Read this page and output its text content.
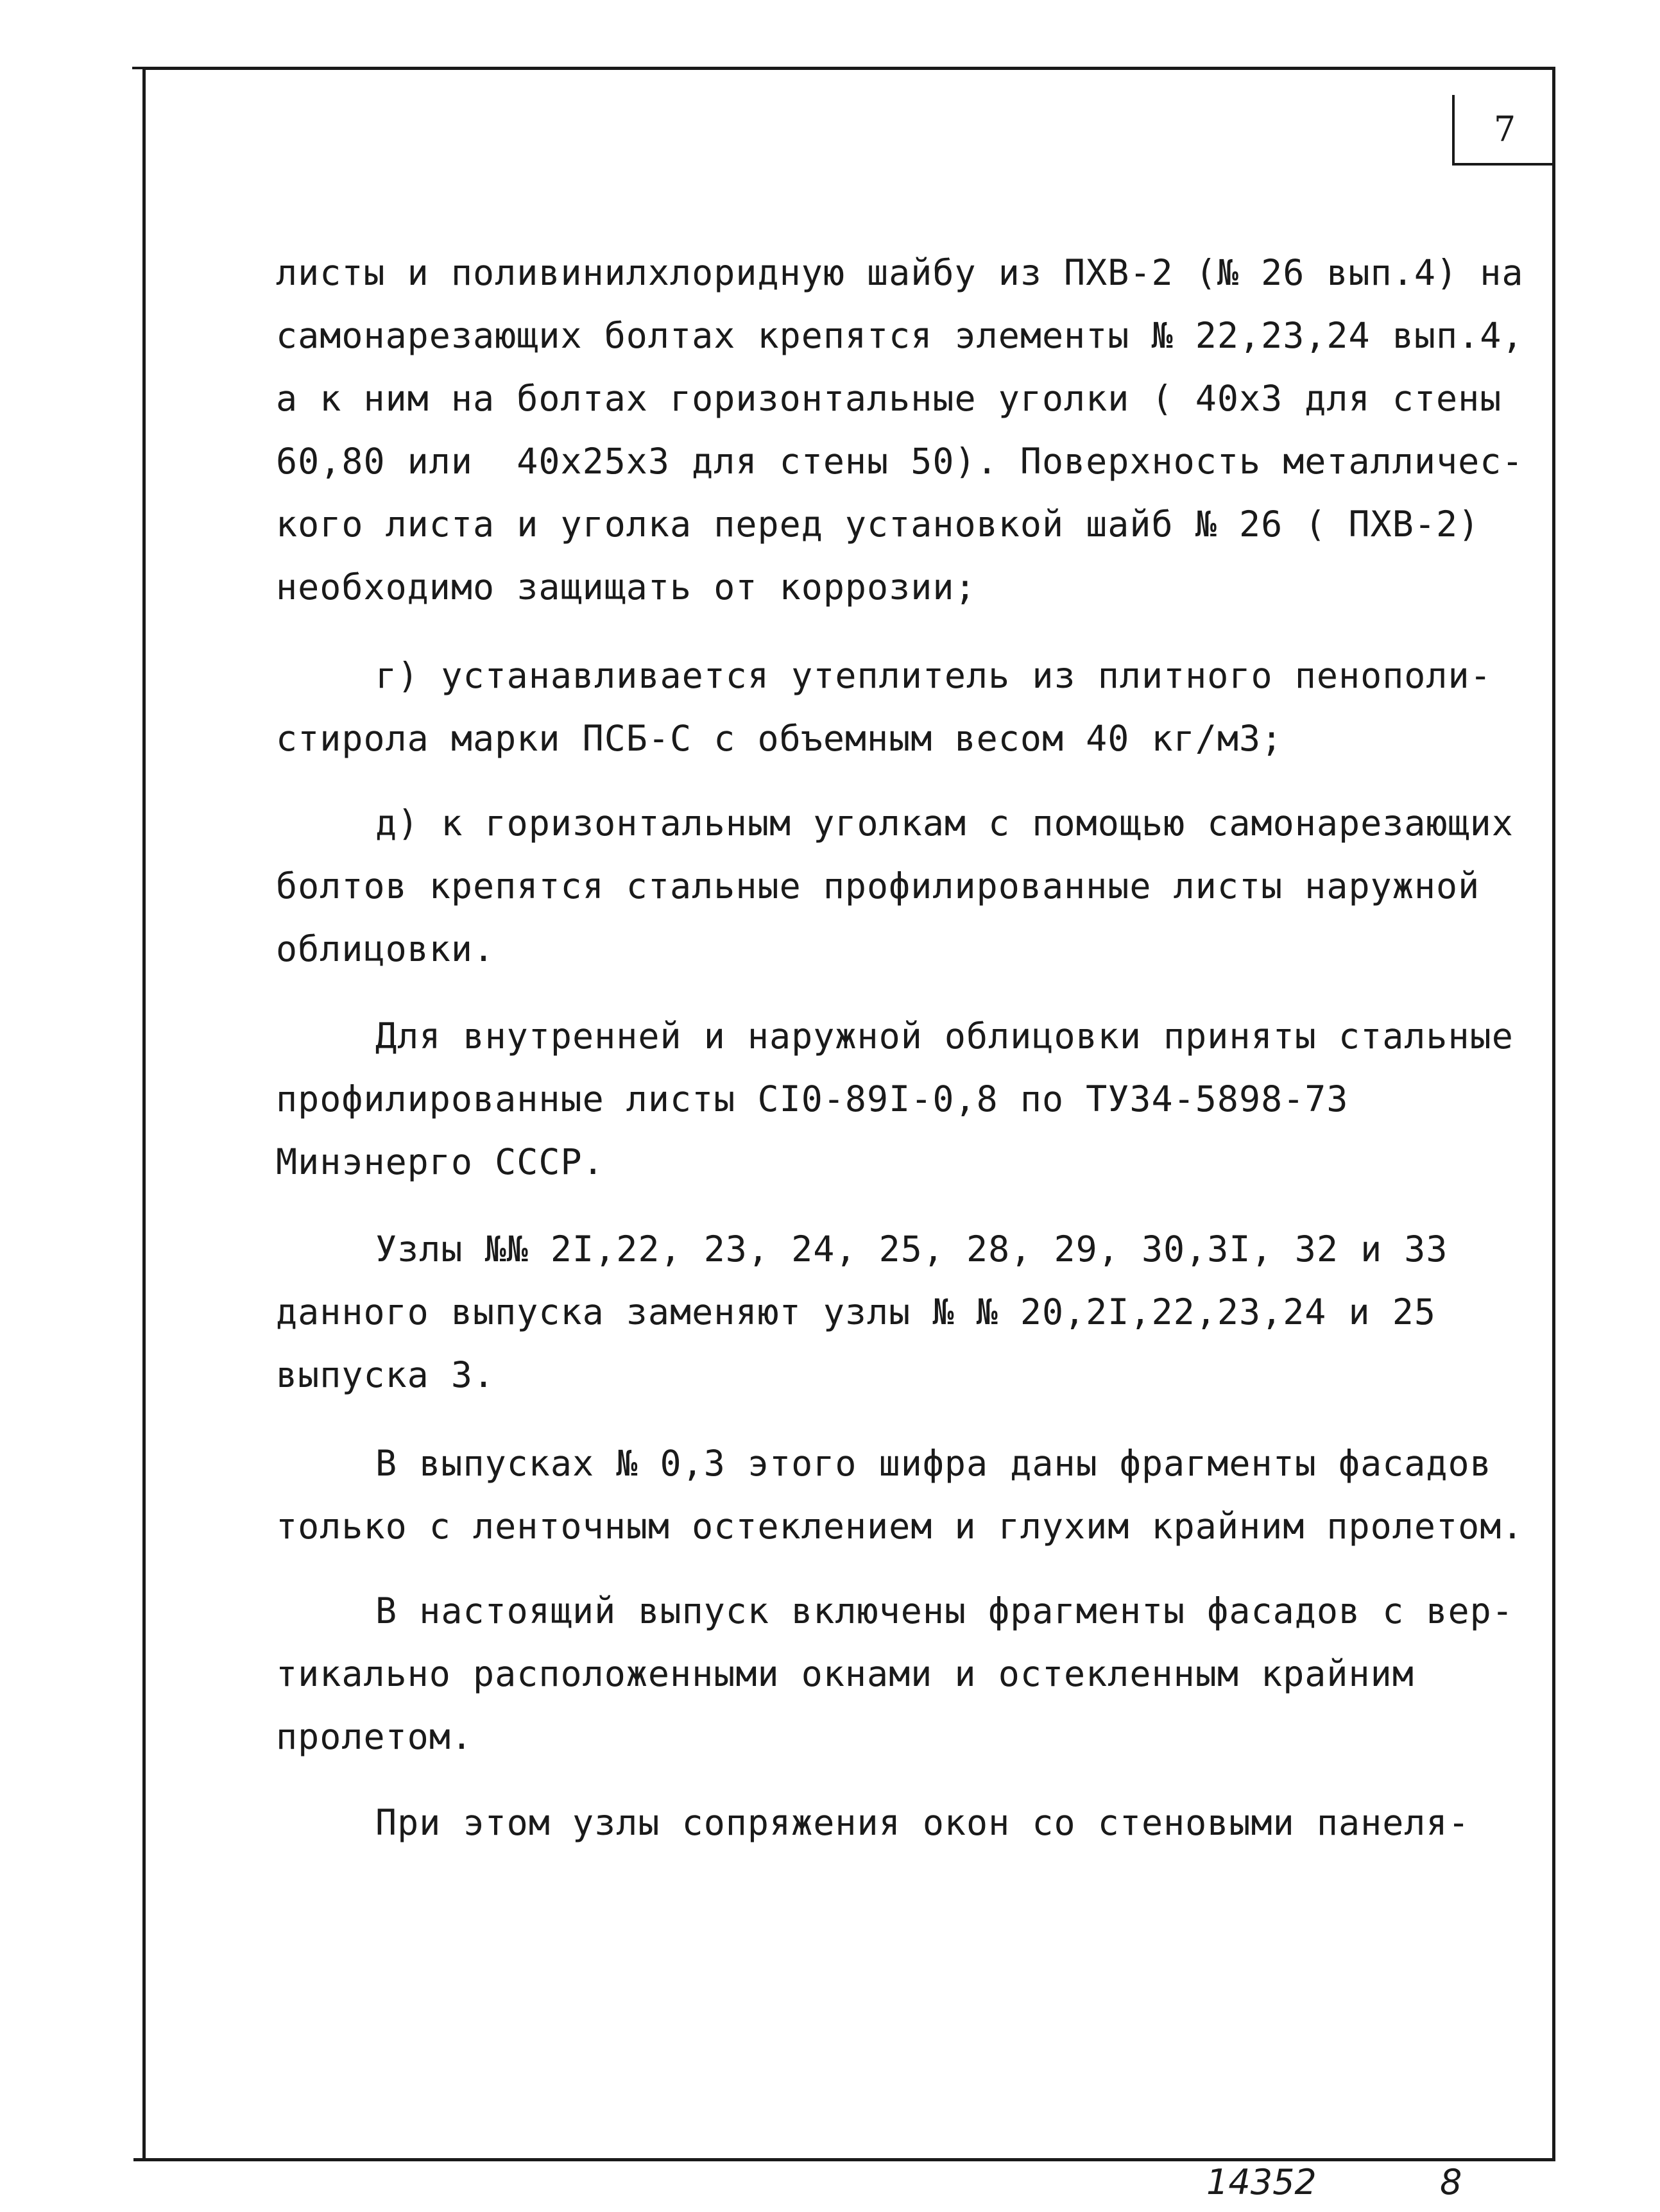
7
листы и поливинилхлоридную шайбу из ПХВ-2 (№ 26 вып.4) на
самонарезающих болтах крепятся элементы № 22,23,24 вып.4,
а к ним на болтах горизонтальные уголки ( 40х3 для стены
60,80 или  40х25х3 для стены 50). Поверхность металличес-
кого листа и уголка перед установкой шайб № 26 ( ПХВ-2)
необходимо защищать от коррозии;
г) устанавливается утеплитель из плитного пенополи-
стирола марки ПСБ-С с объемным весом 40 кг/м3;
д) к горизонтальным уголкам с помощью самонарезающих
болтов крепятся стальные профилированные листы наружной
облицовки.
Для внутренней и наружной облицовки приняты стальные
профилированные листы СI0-89I-0,8 по ТУ34-5898-73
Минэнерго СССР.
Узлы №№ 2I,22, 23, 24, 25, 28, 29, 30,3I, 32 и 33
данного выпуска заменяют узлы № № 20,2I,22,23,24 и 25
выпуска 3.
В выпусках № 0,3 этого шифра даны фрагменты фасадов
только с ленточным остеклением и глухим крайним пролетом.
В настоящий выпуск включены фрагменты фасадов с вер-
тикально расположенными окнами и остекленным крайним
пролетом.
При этом узлы сопряжения окон со стеновыми панеля-
14352	8
